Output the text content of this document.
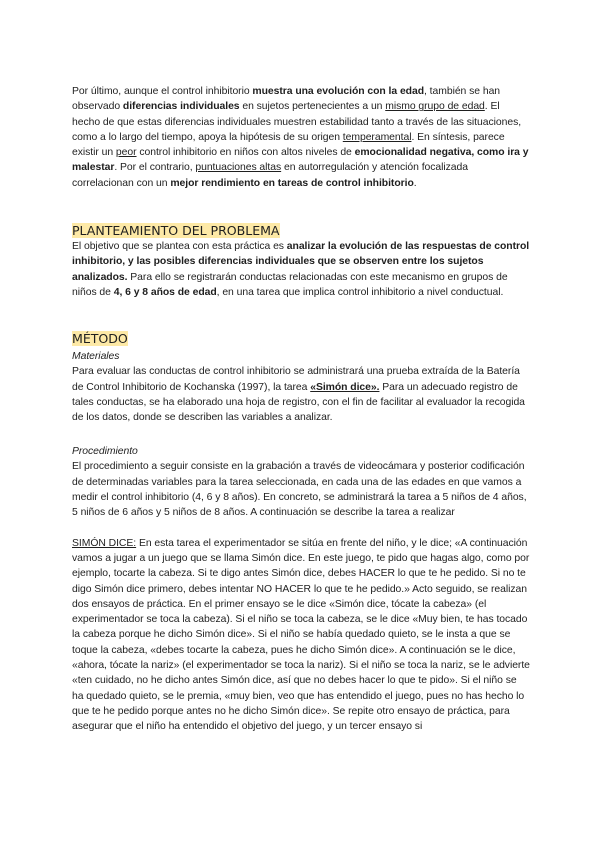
Por último, aunque el control inhibitorio muestra una evolución con la edad, también se han observado diferencias individuales en sujetos pertenecientes a un mismo grupo de edad. El hecho de que estas diferencias individuales muestren estabilidad tanto a través de las situaciones, como a lo largo del tiempo, apoya la hipótesis de su origen temperamental. En síntesis, parece existir un peor control inhibitorio en niños con altos niveles de emocionalidad negativa, como ira y malestar. Por el contrario, puntuaciones altas en autorregulación y atención focalizada correlacionan con un mejor rendimiento en tareas de control inhibitorio.

PLANTEAMIENTO DEL PROBLEMA

El objetivo que se plantea con esta práctica es analizar la evolución de las respuestas de control inhibitorio, y las posibles diferencias individuales que se observen entre los sujetos analizados. Para ello se registrarán conductas relacionadas con este mecanismo en grupos de niños de 4, 6 y 8 años de edad, en una tarea que implica control inhibitorio a nivel conductual.

MÉTODO

Materiales

Para evaluar las conductas de control inhibitorio se administrará una prueba extraída de la Batería de Control Inhibitorio de Kochanska (1997), la tarea «Simón dice». Para un adecuado registro de tales conductas, se ha elaborado una hoja de registro, con el fin de facilitar al evaluador la recogida de los datos, donde se describen las variables a analizar.

Procedimiento

El procedimiento a seguir consiste en la grabación a través de videocámara y posterior codificación de determinadas variables para la tarea seleccionada, en cada una de las edades en que vamos a medir el control inhibitorio (4, 6 y 8 años). En concreto, se administrará la tarea a 5 niños de 4 años, 5 niños de 6 años y 5 niños de 8 años. A continuación se describe la tarea a realizar

SIMÓN DICE: En esta tarea el experimentador se sitúa en frente del niño, y le dice; «A continuación vamos a jugar a un juego que se llama Simón dice. En este juego, te pido que hagas algo, como por ejemplo, tocarte la cabeza. Si te digo antes Simón dice, debes HACER lo que te he pedido. Si no te digo Simón dice primero, debes intentar NO HACER lo que te he pedido.» Acto seguido, se realizan dos ensayos de práctica. En el primer ensayo se le dice «Simón dice, tócate la cabeza» (el experimentador se toca la cabeza). Si el niño se toca la cabeza, se le dice «Muy bien, te has tocado la cabeza porque he dicho Simón dice». Si el niño se había quedado quieto, se le insta a que se toque la cabeza, «debes tocarte la cabeza, pues he dicho Simón dice». A continuación se le dice, «ahora, tócate la nariz» (el experimentador se toca la nariz). Si el niño se toca la nariz, se le advierte «ten cuidado, no he dicho antes Simón dice, así que no debes hacer lo que te pido». Si el niño se ha quedado quieto, se le premia, «muy bien, veo que has entendido el juego, pues no has hecho lo que te he pedido porque antes no he dicho Simón dice». Se repite otro ensayo de práctica, para asegurar que el niño ha entendido el objetivo del juego, y un tercer ensayo si
